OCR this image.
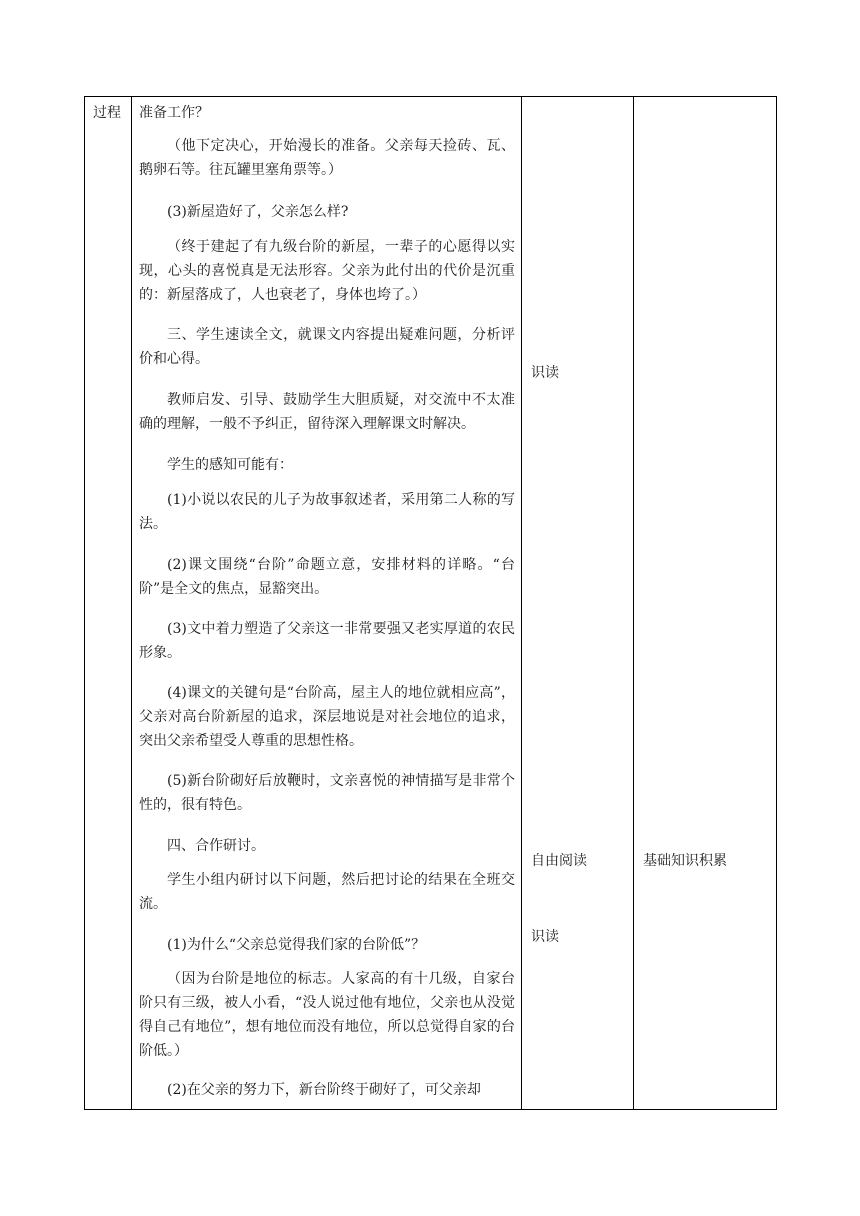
过程 准备工作？

（他下定决心，开始漫长的准备。父亲每天捡砖、瓦、鹅卵石等。往瓦罐里塞角票等。）

(3)新屋造好了，父亲怎么样?

（终于建起了有九级台阶的新屋，一辈子的心愿得以实现，心头的喜悦真是无法形容。父亲为此付出的代价是沉重的：新屋落成了，人也衰老了，身体也垮了。）

三、学生速读全文，就课文内容提出疑难问题，分析评价和心得。

教师启发、引导、鼓励学生大胆质疑，对交流中不太准确的理解，一般不予纠正，留待深入理解课文时解决。

学生的感知可能有：

(1)小说以农民的儿子为故事叙述者，采用第二人称的写法。

(2)课文围绕“台阶”命题立意，安排材料的详略。“台阶”是全文的焦点，显豁突出。

(3)文中着力塑造了父亲这一非常要强又老实厚道的农民形象。

(4)课文的关键句是“台阶高，屋主人的地位就相应高”，父亲对高台阶新屋的追求，深层地说是对社会地位的追求，突出父亲希望受人尊重的思想性格。

(5)新台阶砌好后放鞭时，文亲喜悦的神情描写是非常个性的，很有特色。

四、合作研讨。

学生小组内研讨以下问题，然后把讨论的结果在全班交流。

(1)为什么“父亲总觉得我们家的台阶低”？

（因为台阶是地位的标志。人家高的有十几级，自家台阶只有三级，被人小看，“没人说过他有地位，父亲也从没觉得自己有地位”，想有地位而没有地位，所以总觉得自家的台阶低。）

(2)在父亲的努力下，新台阶终于砌好了，可父亲却

识读
自由阅读
识读
基础知识积累
